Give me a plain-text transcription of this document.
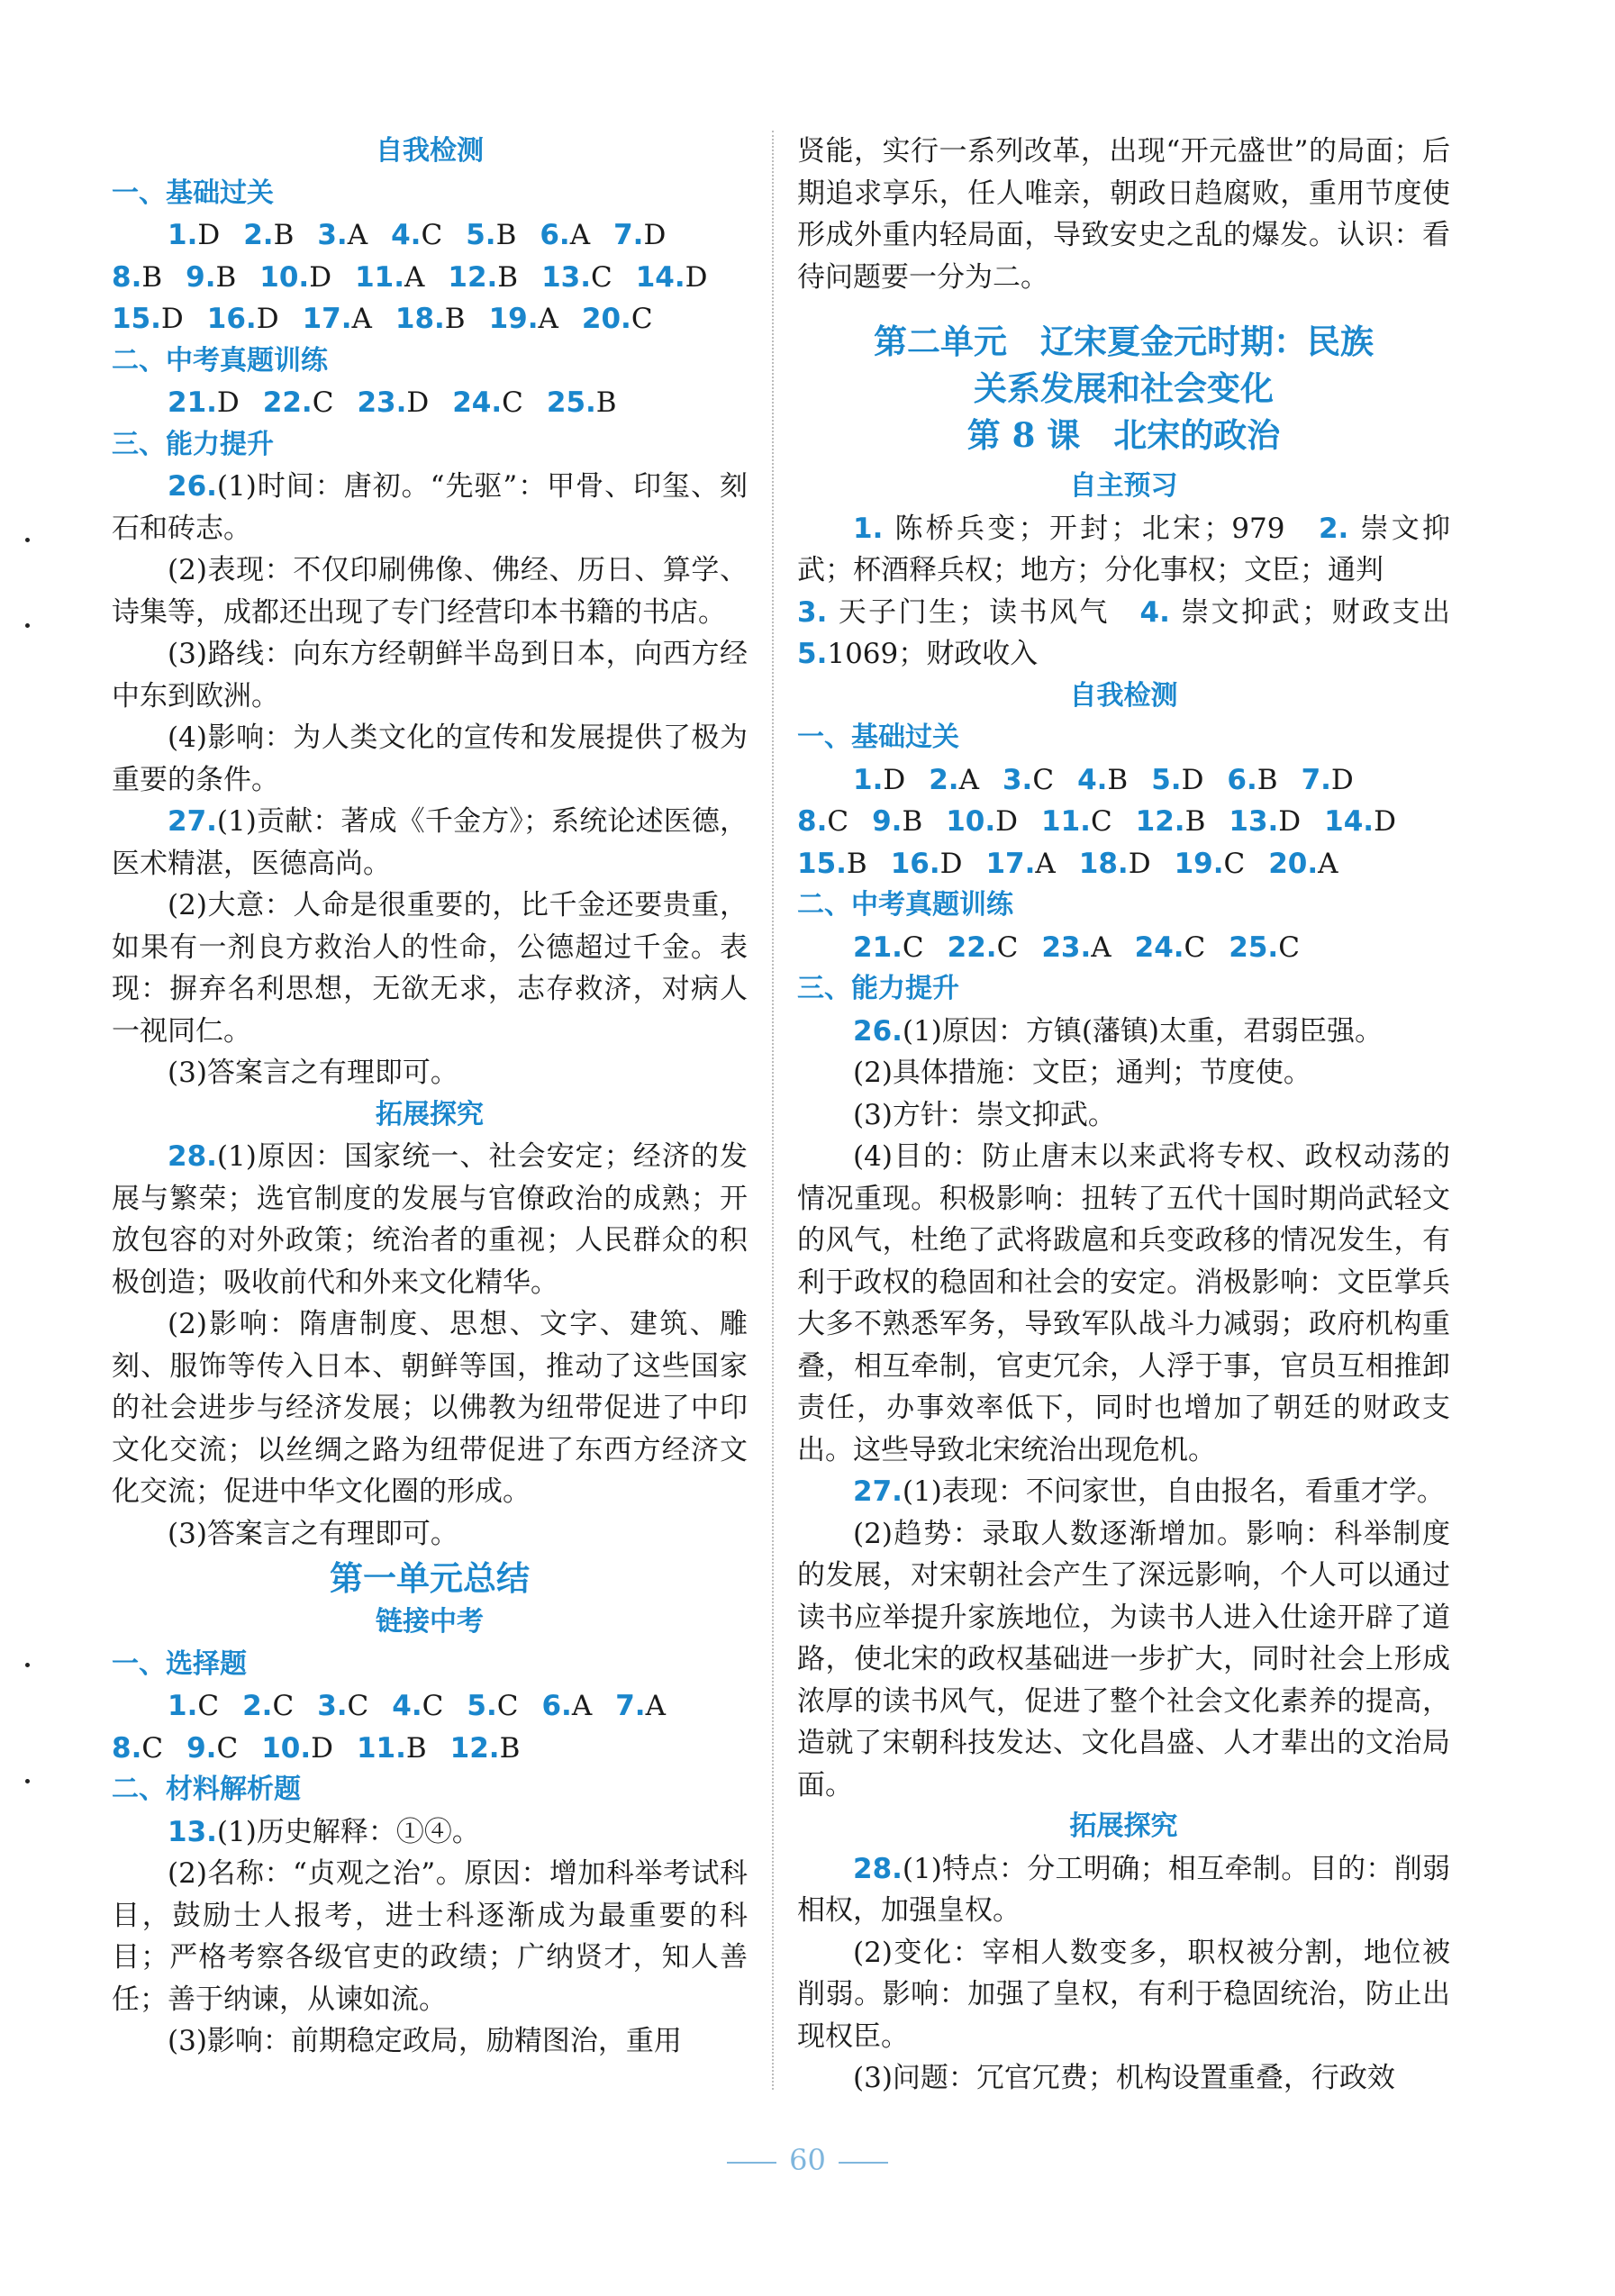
自我检测
一、基础过关
1.D 2.B 3.A 4.C 5.B 6.A 7.D
8.B 9.B 10.D 11.A 12.B 13.C 14.D
15.D 16.D 17.A 18.B 19.A 20.C
二、中考真题训练
21.D 22.C 23.D 24.C 25.B
三、能力提升
26.(1)时间：唐初。“先驱”：甲骨、印玺、刻石和砖志。
(2)表现：不仅印刷佛像、佛经、历日、算学、诗集等，成都还出现了专门经营印本书籍的书店。
(3)路线：向东方经朝鲜半岛到日本，向西方经中东到欧洲。
(4)影响：为人类文化的宣传和发展提供了极为重要的条件。
27.(1)贡献：著成《千金方》；系统论述医德，医术精湛，医德高尚。
(2)大意：人命是很重要的，比千金还要贵重，如果有一剂良方救治人的性命，公德超过千金。表现：摒弃名利思想，无欲无求，志存救济，对病人一视同仁。
(3)答案言之有理即可。
拓展探究
28.(1)原因：国家统一、社会安定；经济的发展与繁荣；选官制度的发展与官僚政治的成熟；开放包容的对外政策；统治者的重视；人民群众的积极创造；吸收前代和外来文化精华。
(2)影响：隋唐制度、思想、文字、建筑、雕刻、服饰等传入日本、朝鲜等国，推动了这些国家的社会进步与经济发展；以佛教为纽带促进了中印文化交流；以丝绸之路为纽带促进了东西方经济文化交流；促进中华文化圈的形成。
(3)答案言之有理即可。
第一单元总结
链接中考
一、选择题
1.C 2.C 3.C 4.C 5.C 6.A 7.A
8.C 9.C 10.D 11.B 12.B
二、材料解析题
13.(1)历史解释：①④。
(2)名称：“贞观之治”。原因：增加科举考试科目，鼓励士人报考，进士科逐渐成为最重要的科目；严格考察各级官吏的政绩；广纳贤才，知人善任；善于纳谏，从谏如流。
(3)影响：前期稳定政局，励精图治，重用
贤能，实行一系列改革，出现“开元盛世”的局面；后期追求享乐，任人唯亲，朝政日趋腐败，重用节度使形成外重内轻局面，导致安史之乱的爆发。认识：看待问题要一分为二。
第二单元　辽宋夏金元时期：民族
关系发展和社会变化
第 8 课　北宋的政治
自主预习
1. 陈桥兵变；开封；北宋；979　 2. 崇文抑武；杯酒释兵权；地方；分化事权；文臣；通判
3. 天子门生；读书风气　 4. 崇文抑武；财政支出　5.1069；财政收入
自我检测
一、基础过关
1.D 2.A 3.C 4.B 5.D 6.B 7.D
8.C 9.B 10.D 11.C 12.B 13.D 14.D
15.B 16.D 17.A 18.D 19.C 20.A
二、中考真题训练
21.C 22.C 23.A 24.C 25.C
三、能力提升
26.(1)原因：方镇(藩镇)太重，君弱臣强。
(2)具体措施：文臣；通判；节度使。
(3)方针：崇文抑武。
(4)目的：防止唐末以来武将专权、政权动荡的情况重现。积极影响：扭转了五代十国时期尚武轻文的风气，杜绝了武将跋扈和兵变政移的情况发生，有利于政权的稳固和社会的安定。消极影响：文臣掌兵大多不熟悉军务，导致军队战斗力减弱；政府机构重叠，相互牵制，官吏冗余，人浮于事，官员互相推卸责任，办事效率低下，同时也增加了朝廷的财政支出。这些导致北宋统治出现危机。
27.(1)表现：不问家世，自由报名，看重才学。
(2)趋势：录取人数逐渐增加。影响：科举制度的发展，对宋朝社会产生了深远影响，个人可以通过读书应举提升家族地位，为读书人进入仕途开辟了道路，使北宋的政权基础进一步扩大，同时社会上形成浓厚的读书风气，促进了整个社会文化素养的提高，造就了宋朝科技发达、文化昌盛、人才辈出的文治局面。
拓展探究
28.(1)特点：分工明确；相互牵制。目的：削弱相权，加强皇权。
(2)变化：宰相人数变多，职权被分割，地位被削弱。影响：加强了皇权，有利于稳固统治，防止出现权臣。
(3)问题：冗官冗费；机构设置重叠，行政效
60
